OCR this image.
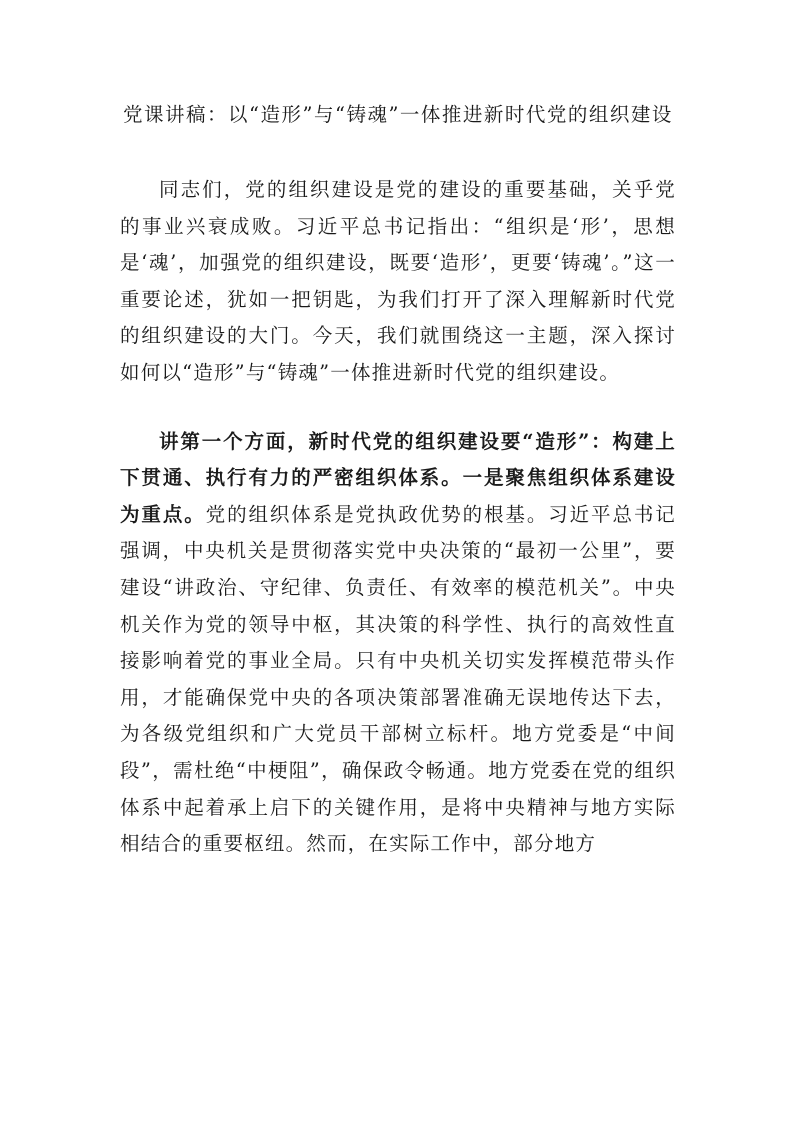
党课讲稿：以“造形”与“铸魂”一体推进新时代党的组织建设

同志们，党的组织建设是党的建设的重要基础，关乎党的事业兴衰成败。习近平总书记指出：“组织是‘形’，思想是‘魂’，加强党的组织建设，既要‘造形’，更要‘铸魂’。”这一重要论述，犹如一把钥匙，为我们打开了深入理解新时代党的组织建设的大门。今天，我们就围绕这一主题，深入探讨如何以“造形”与“铸魂”一体推进新时代党的组织建设。

讲第一个方面，新时代党的组织建设要“造形”：构建上下贯通、执行有力的严密组织体系。一是聚焦组织体系建设为重点。党的组织体系是党执政优势的根基。习近平总书记强调，中央机关是贯彻落实党中央决策的“最初一公里”，要建设“讲政治、守纪律、负责任、有效率的模范机关”。中央机关作为党的领导中枢，其决策的科学性、执行的高效性直接影响着党的事业全局。只有中央机关切实发挥模范带头作用，才能确保党中央的各项决策部署准确无误地传达下去，为各级党组织和广大党员干部树立标杆。地方党委是“中间段”，需杜绝“中梗阻”，确保政令畅通。地方党委在党的组织体系中起着承上启下的关键作用，是将中央精神与地方实际相结合的重要枢纽。然而，在实际工作中，部分地方
